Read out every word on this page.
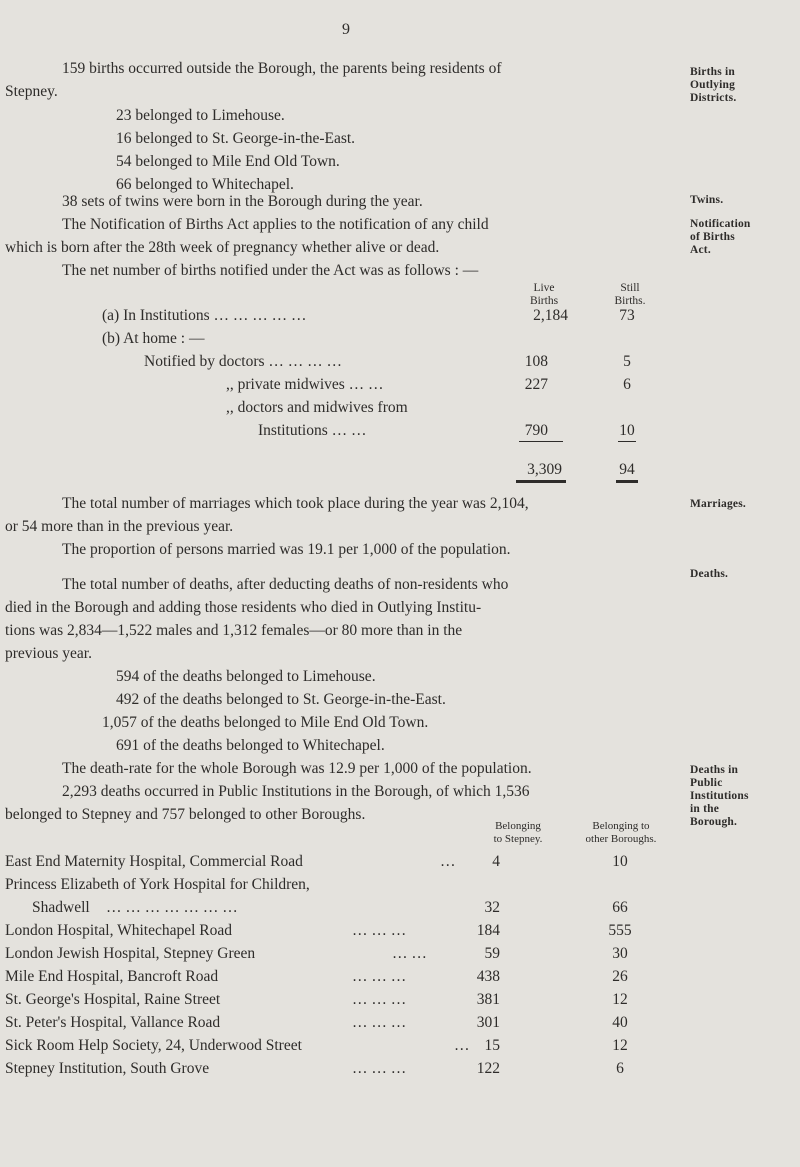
9
Births in
Outlying
Districts.
Twins.
Notification
of Births
Act.
Marriages.
Deaths.
Deaths in
Public
Institutions
in the
Borough.
159 births occurred outside the Borough, the parents being residents of
Stepney.
23 belonged to Limehouse.
16 belonged to St. George-in-the-East.
54 belonged to Mile End Old Town.
66 belonged to Whitechapel.
38 sets of twins were born in the Borough during the year.
The Notification of Births Act applies to the notification of any child
which is born after the 28th week of pregnancy whether alive or dead.
The net number of births notified under the Act was as follows : —
Live
Births
Still
Births.
(a) In Institutions … … … … …	2,184	73
(b) At home : —
Notified by doctors … … … …	108	5
,, private midwives … …	227	6
,, doctors and midwives from
Institutions … …	790	10
3,309	94
The total number of marriages which took place during the year was 2,104,
or 54 more than in the previous year.
The proportion of persons married was 19.1 per 1,000 of the population.
The total number of deaths, after deducting deaths of non-residents who
died in the Borough and adding those residents who died in Outlying Institu-
tions was 2,834—1,522 males and 1,312 females—or 80 more than in the
previous year.
594 of the deaths belonged to Limehouse.
492 of the deaths belonged to St. George-in-the-East.
1,057 of the deaths belonged to Mile End Old Town.
691 of the deaths belonged to Whitechapel.
The death-rate for the whole Borough was 12.9 per 1,000 of the population.
2,293 deaths occurred in Public Institutions in the Borough, of which 1,536
belonged to Stepney and 757 belonged to other Boroughs.
Belonging
to Stepney.
Belonging to
other Boroughs.
East End Maternity Hospital, Commercial Road	…	4	10
Princess Elizabeth of York Hospital for Children,
Shadwell … … … … … … …	32	66
London Hospital, Whitechapel Road	… … …	184	555
London Jewish Hospital, Stepney Green	… …	59	30
Mile End Hospital, Bancroft Road	… … …	438	26
St. George's Hospital, Raine Street	… … …	381	12
St. Peter's Hospital, Vallance Road	… … …	301	40
Sick Room Help Society, 24, Underwood Street	… 15	12
Stepney Institution, South Grove	… … …	122	6
